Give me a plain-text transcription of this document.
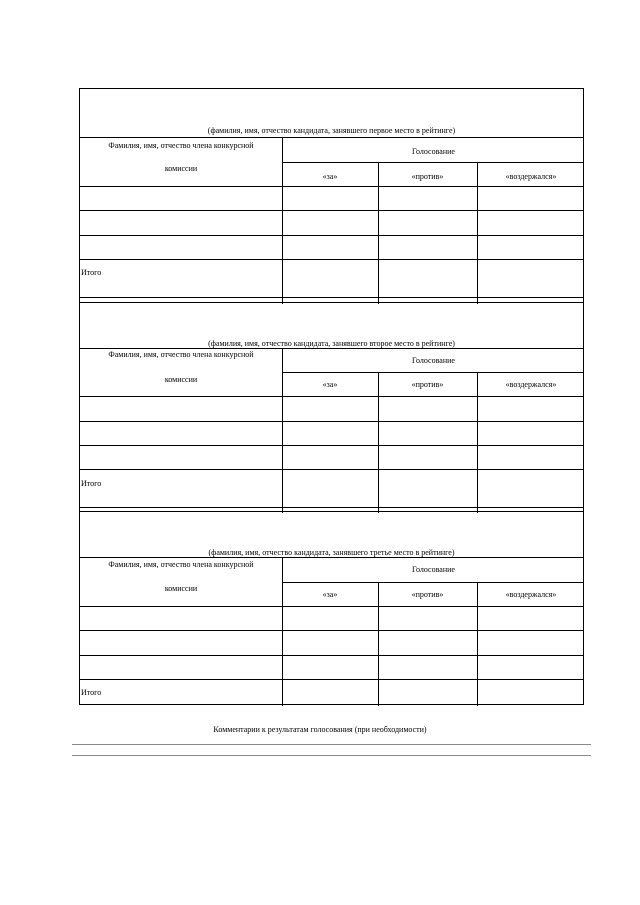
(фамилия, имя, отчество кандидата, занявшего первое место в рейтинге)
Фамилия, имя, отчество члена конкурсной
комиссии
Голосование
«за»	«против»	«воздержался»
Итого
(фамилия, имя, отчество кандидата, занявшего второе место в рейтинге)
Фамилия, имя, отчество члена конкурсной
комиссии
Голосование
«за»	«против»	«воздержался»
Итого
(фамилия, имя, отчество кандидата, занявшего третье место в рейтинге)
Фамилия, имя, отчество члена конкурсной
комиссии
Голосование
«за»	«против»	«воздержался»
Итого
Комментарии к результатам голосования (при необходимости)
